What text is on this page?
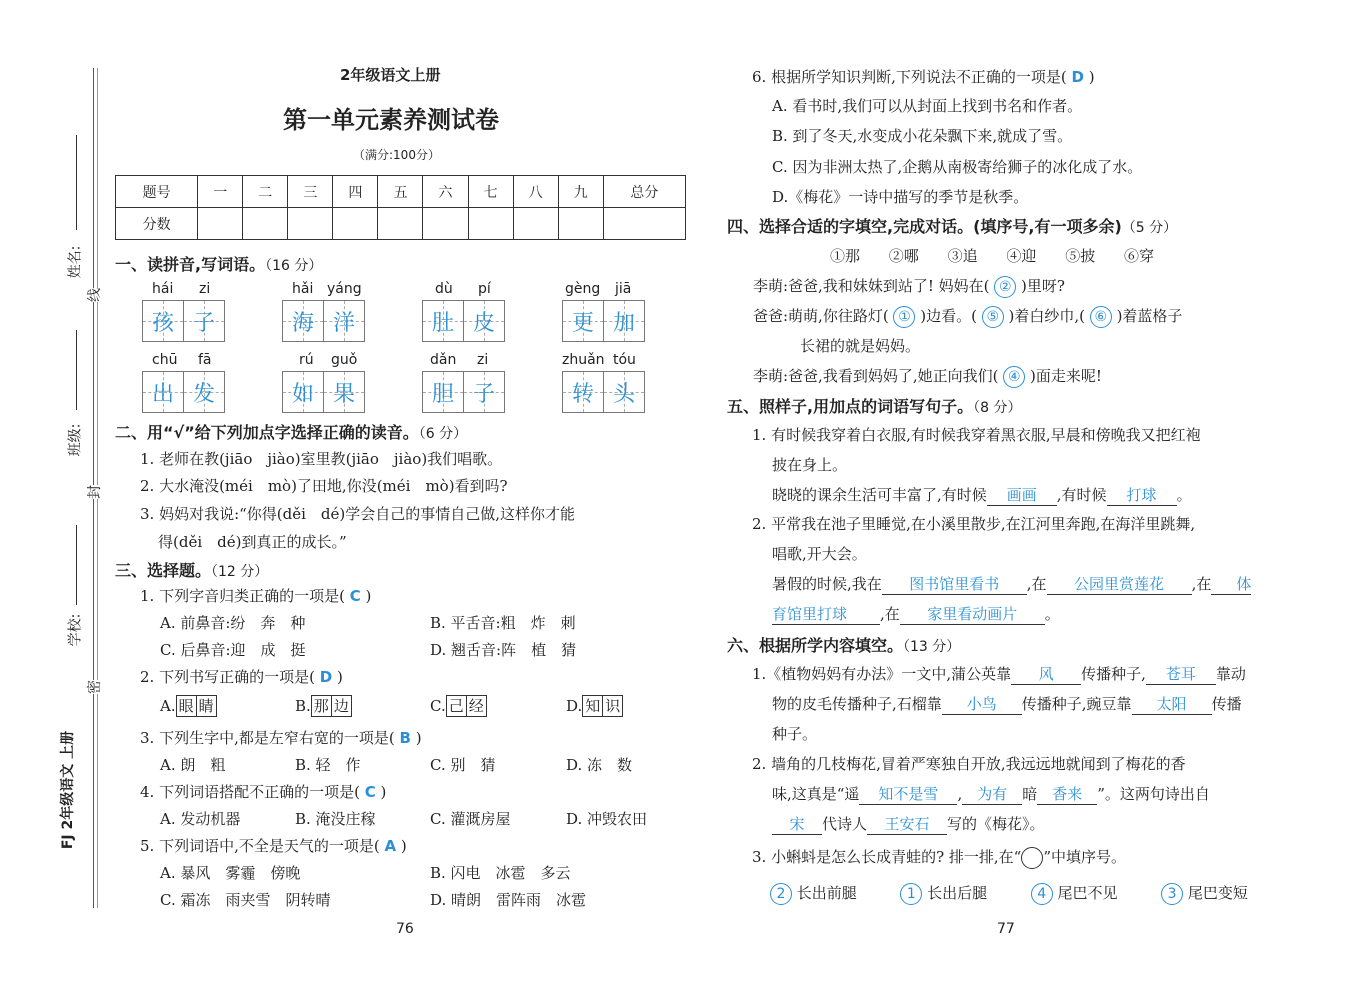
姓名:
班级:
学校:
线
封
密
FJ 2年级语文 上册
2年级语文上册
第一单元素养测试卷
（满分:100分）
题号	一	二	三	四	五	六	七	八	九	总分
分数										
一、读拼音,写词语。（16 分）
hái zi	hǎi yáng	dù pí	gèng jiā
孩 子	海 洋	肚 皮	更 加
chū fā	rú guǒ	dǎn zi	zhuǎn tóu
出 发	如 果	胆 子	转 头
二、用“√”给下列加点字选择正确的读音。（6 分）
1. 老师在教(jiāo　jiào)室里教(jiāo　jiào)我们唱歌。
2. 大水淹没(méi　mò)了田地,你没(méi　mò)看到吗?
3. 妈妈对我说:“你得(děi　dé)学会自己的事情自己做,这样你才能
得(děi　dé)到真正的成长。”
三、选择题。（12 分）
1. 下列字音归类正确的一项是( C )
A. 前鼻音:纷　奔　种	B. 平舌音:粗　炸　刺
C. 后鼻音:迎　成　挺	D. 翘舌音:阵　植　猜
2. 下列书写正确的一项是( D )
A. 眼 睛	B. 那 边	C. 己 经	D. 知 识
3. 下列生字中,都是左窄右宽的一项是( B )
A. 朗　粗	B. 轻　作	C. 别　猜	D. 冻　数
4. 下列词语搭配不正确的一项是( C )
A. 发动机器	B. 淹没庄稼	C. 灌溉房屋	D. 冲毁农田
5. 下列词语中,不全是天气的一项是( A )
A. 暴风　雾霾　傍晚	B. 闪电　冰雹　多云
C. 霜冻　雨夹雪　阴转晴	D. 晴朗　雷阵雨　冰雹
76
6. 根据所学知识判断,下列说法不正确的一项是( D )
A. 看书时,我们可以从封面上找到书名和作者。
B. 到了冬天,水变成小花朵飘下来,就成了雪。
C. 因为非洲太热了,企鹅从南极寄给狮子的冰化成了水。
D.《梅花》一诗中描写的季节是秋季。
四、选择合适的字填空,完成对话。(填序号,有一项多余)（5 分）
①那 ②哪 ③追 ④迎 ⑤披 ⑥穿
李萌:爸爸,我和妹妹到站了! 妈妈在( ② )里呀?
爸爸:萌萌,你往路灯( ① )边看。( ⑤ )着白纱巾,( ⑥ )着蓝格子
长裙的就是妈妈。
李萌:爸爸,我看到妈妈了,她正向我们( ④ )面走来呢!
五、照样子,用加点的词语写句子。（8 分）
1. 有时候我穿着白衣服,有时候我穿着黑衣服,早晨和傍晚我又把红袍
披在身上。
晓晓的课余生活可丰富了,有时候 画画 ,有时候 打球 。
2. 平常我在池子里睡觉,在小溪里散步,在江河里奔跑,在海洋里跳舞,
唱歌,开大会。
暑假的时候,我在 图书馆里看书 ,在 公园里赏莲花 ,在 体
育馆里打球 ,在 家里看动画片 。
六、根据所学内容填空。（13 分）
1.《植物妈妈有办法》一文中,蒲公英靠 风 传播种子, 苍耳 靠动
物的皮毛传播种子,石榴靠 小鸟 传播种子,豌豆靠 太阳 传播
种子。
2. 墙角的几枝梅花,冒着严寒独自开放,我远远地就闻到了梅花的香
味,这真是“遥 知不是雪 , 为有 暗 香来 ”。这两句诗出自
宋 代诗人 王安石 写的《梅花》。
3. 小蝌蚪是怎么长成青蛙的? 排一排,在“ ”中填序号。
2 长出前腿	1 长出后腿	4 尾巴不见	3 尾巴变短
77
